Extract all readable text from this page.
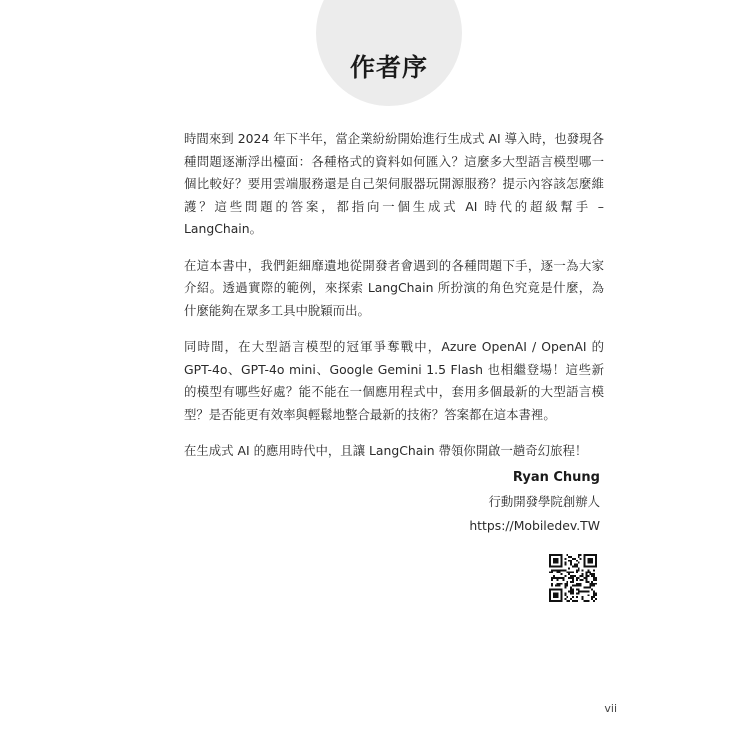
作者序

時間來到 2024 年下半年，當企業紛紛開始進行生成式 AI 導入時，也發現各種問題逐漸浮出檯面：各種格式的資料如何匯入？這麼多大型語言模型哪一個比較好？要用雲端服務還是自己架伺服器玩開源服務？提示內容該怎麼維護？這些問題的答案，都指向一個生成式 AI 時代的超級幫手 – LangChain。

在這本書中，我們鉅細靡遺地從開發者會遇到的各種問題下手，逐一為大家介紹。透過實際的範例，來探索 LangChain 所扮演的角色究竟是什麼，為什麼能夠在眾多工具中脫穎而出。

同時間，在大型語言模型的冠軍爭奪戰中，Azure OpenAI / OpenAI 的 GPT-4o、GPT-4o mini、Google Gemini 1.5 Flash 也相繼登場！這些新的模型有哪些好處？能不能在一個應用程式中，套用多個最新的大型語言模型？是否能更有效率與輕鬆地整合最新的技術？答案都在這本書裡。

在生成式 AI 的應用時代中，且讓 LangChain 帶領你開啟一趟奇幻旅程！

Ryan Chung
行動開發學院創辦人
https://Mobiledev.TW
vii
